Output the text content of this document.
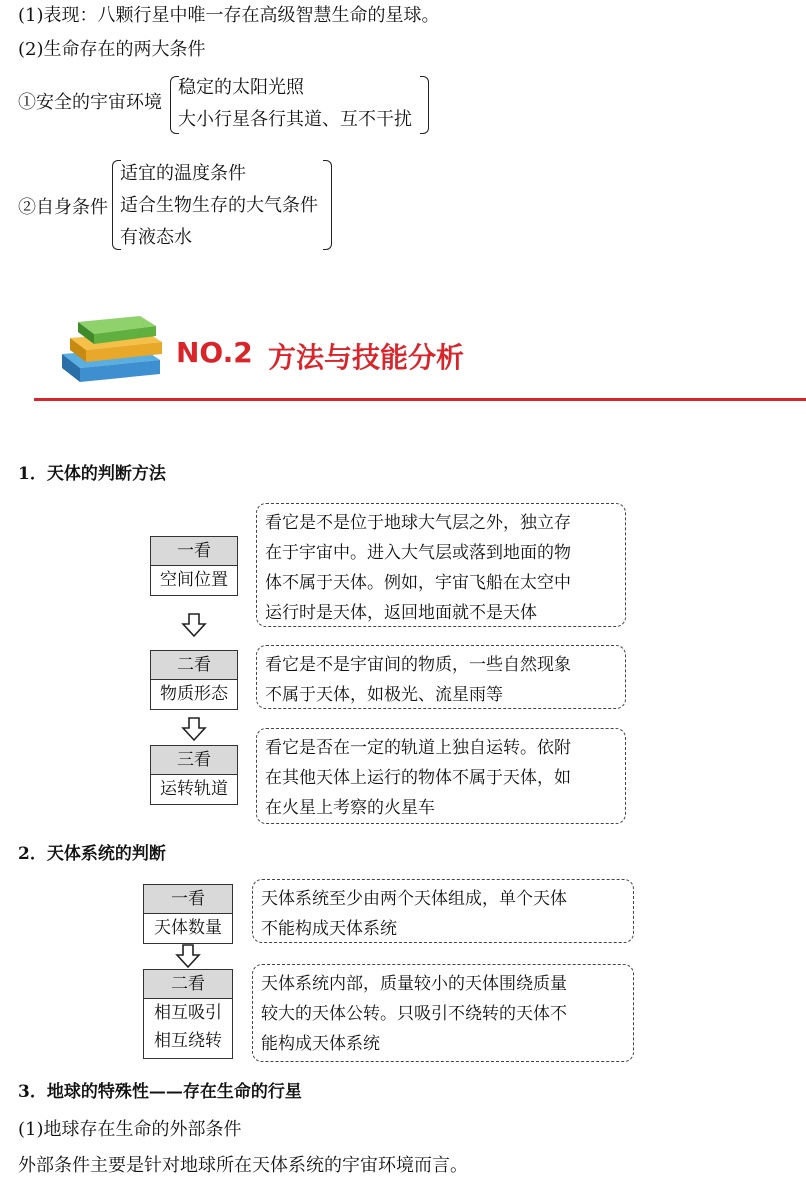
(1)表现：八颗行星中唯一存在高级智慧生命的星球。
(2)生命存在的两大条件
①安全的宇宙环境
稳定的太阳光照
大小行星各行其道、互不干扰
②自身条件
适宜的温度条件
适合生物生存的大气条件
有液态水
NO.2 方法与技能分析
1．天体的判断方法
一看
空间位置
看它是不是位于地球大气层之外，独立存
在于宇宙中。进入大气层或落到地面的物
体不属于天体。例如，宇宙飞船在太空中
运行时是天体，返回地面就不是天体
二看
物质形态
看它是不是宇宙间的物质，一些自然现象
不属于天体，如极光、流星雨等
三看
运转轨道
看它是否在一定的轨道上独自运转。依附
在其他天体上运行的物体不属于天体，如
在火星上考察的火星车
2．天体系统的判断
一看
天体数量
天体系统至少由两个天体组成，单个天体
不能构成天体系统
二看
相互吸引
相互绕转
天体系统内部，质量较小的天体围绕质量
较大的天体公转。只吸引不绕转的天体不
能构成天体系统
3．地球的特殊性——存在生命的行星
(1)地球存在生命的外部条件
外部条件主要是针对地球所在天体系统的宇宙环境而言。
